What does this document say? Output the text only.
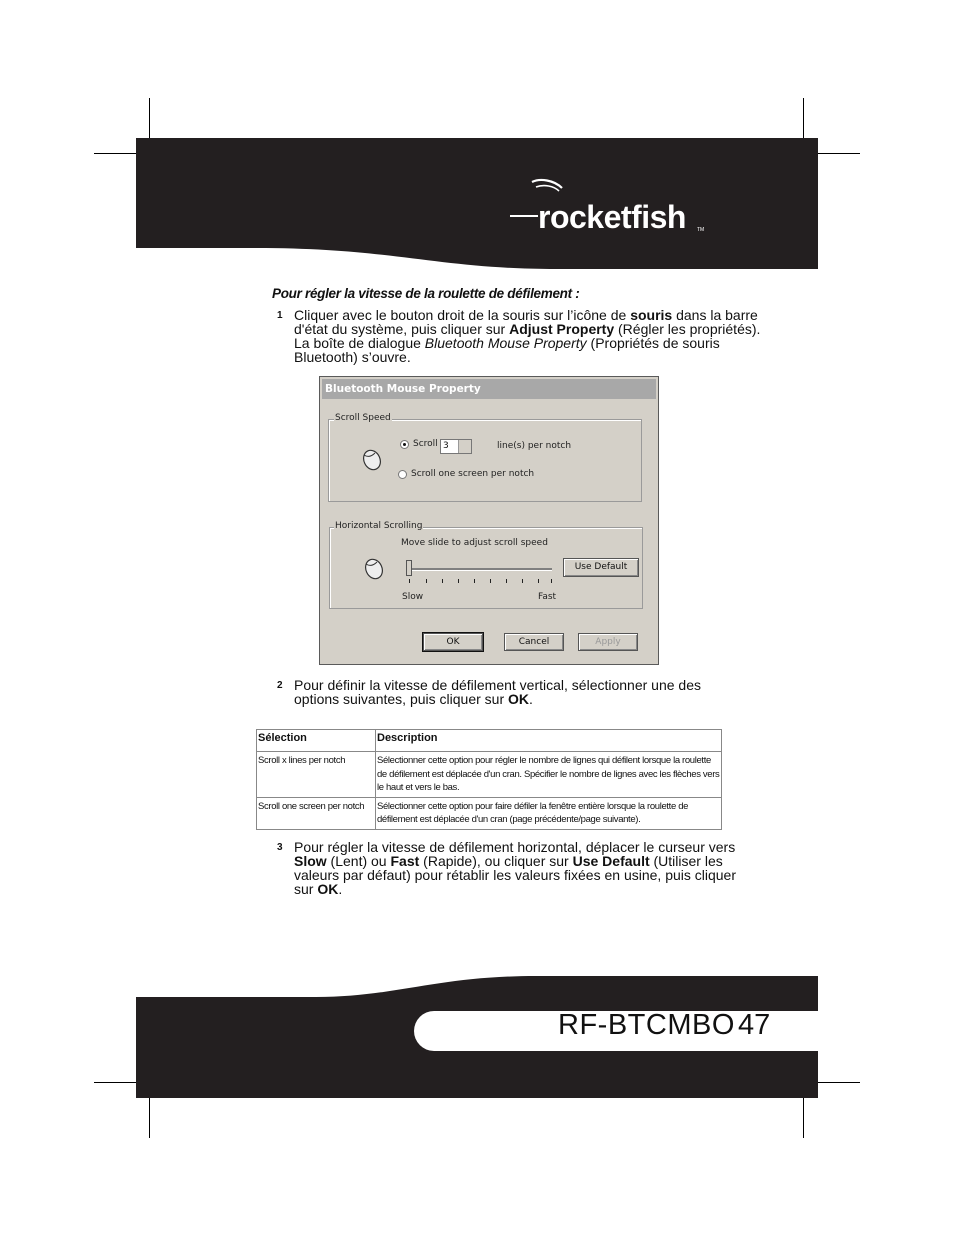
rocketfish TM
Pour régler la vitesse de la roulette de défilement :
1 Cliquer avec le bouton droit de la souris sur l’icône de souris dans la barre d'état du système, puis cliquer sur Adjust Property (Régler les propriétés). La boîte de dialogue Bluetooth Mouse Property (Propriétés de souris Bluetooth) s’ouvre.
Bluetooth Mouse Property
Scroll Speed
Scroll 3	line(s) per notch
Scroll one screen per notch
Horizontal Scrolling
Move slide to adjust scroll speed
Slow	Fast
Use Default
OK	Cancel	Apply
2 Pour définir la vitesse de défilement vertical, sélectionner une des options suivantes, puis cliquer sur OK.
Sélection	Description
Scroll x lines per notch	Sélectionner cette option pour régler le nombre de lignes qui défilent lorsque la roulette de défilement est déplacée d'un cran. Spécifier le nombre de lignes avec les flèches vers le haut et vers le bas.
Scroll one screen per notch	Sélectionner cette option pour faire défiler la fenêtre entière lorsque la roulette de défilement est déplacée d'un cran (page précédente/page suivante).
3 Pour régler la vitesse de défilement horizontal, déplacer le curseur vers Slow (Lent) ou Fast (Rapide), ou cliquer sur Use Default (Utiliser les valeurs par défaut) pour rétablir les valeurs fixées en usine, puis cliquer sur OK.
RF-BTCMBO 47
